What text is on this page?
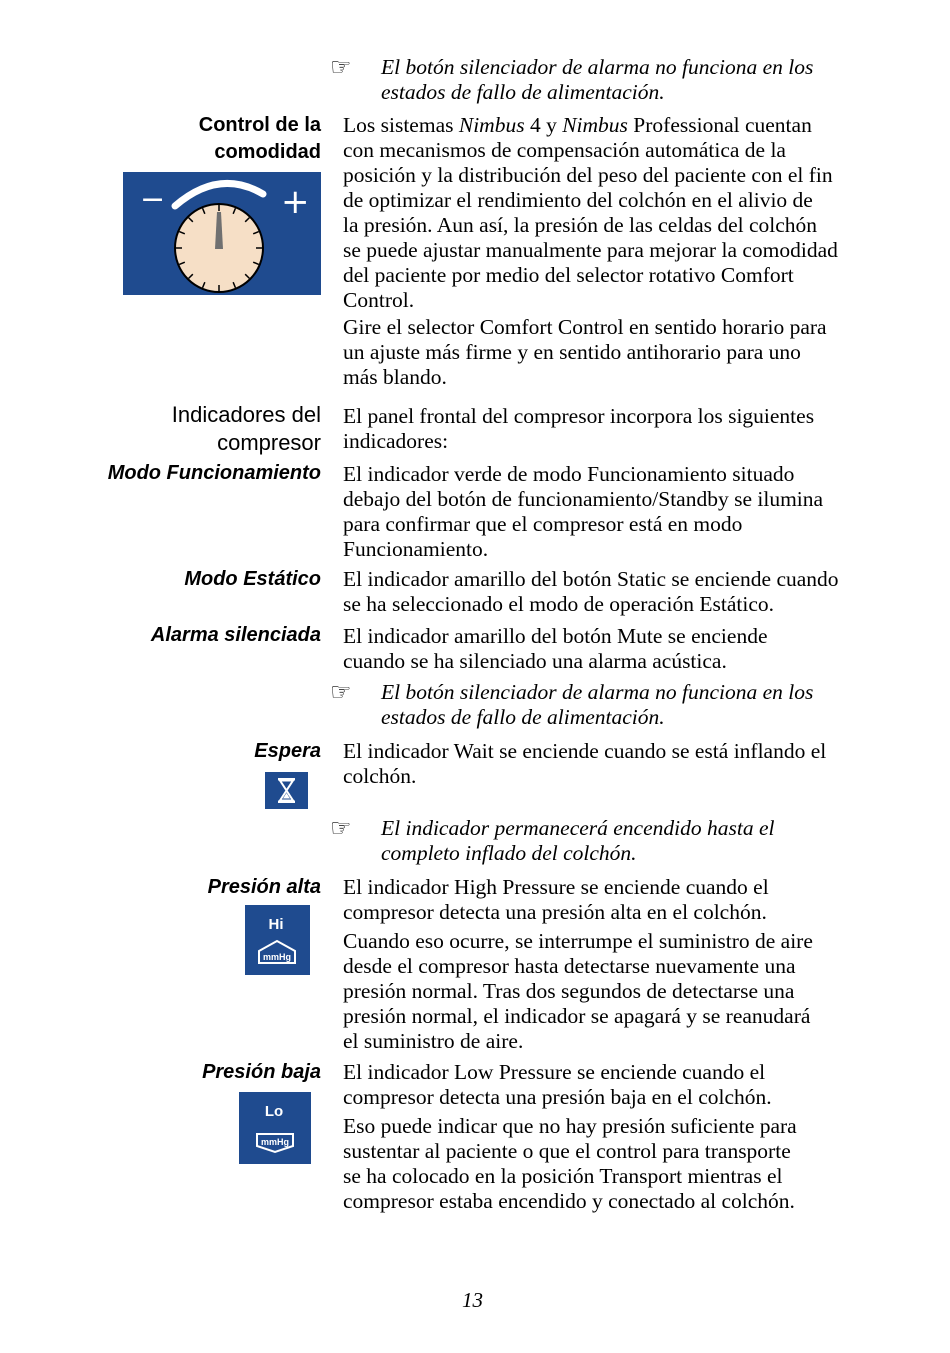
☞ El botón silenciador de alarma no funciona en los
estados de fallo de alimentación.
Control de la
comodidad
−	+
Los sistemas Nimbus 4 y Nimbus Professional cuentan
con mecanismos de compensación automática de la
posición y la distribución del peso del paciente con el fin
de optimizar el rendimiento del colchón en el alivio de
la presión. Aun así, la presión de las celdas del colchón
se puede ajustar manualmente para mejorar la comodidad
del paciente por medio del selector rotativo Comfort
Control.
Gire el selector Comfort Control en sentido horario para
un ajuste más firme y en sentido antihorario para uno
más blando.
Indicadores del
compresor
El panel frontal del compresor incorpora los siguientes
indicadores:
Modo Funcionamiento El indicador verde de modo Funcionamiento situado
debajo del botón de funcionamiento/Standby se ilumina
para confirmar que el compresor está en modo
Funcionamiento.
Modo Estático El indicador amarillo del botón Static se enciende cuando
se ha seleccionado el modo de operación Estático.
Alarma silenciada El indicador amarillo del botón Mute se enciende
cuando se ha silenciado una alarma acústica.
☞ El botón silenciador de alarma no funciona en los
estados de fallo de alimentación.
Espera El indicador Wait se enciende cuando se está inflando el
colchón.
☞ El indicador permanecerá encendido hasta el
completo inflado del colchón.
Presión alta
Hi
mmHg
El indicador High Pressure se enciende cuando el
compresor detecta una presión alta en el colchón.
Cuando eso ocurre, se interrumpe el suministro de aire
desde el compresor hasta detectarse nuevamente una
presión normal. Tras dos segundos de detectarse una
presión normal, el indicador se apagará y se reanudará
el suministro de aire.
Presión baja
Lo
mmHg
El indicador Low Pressure se enciende cuando el
compresor detecta una presión baja en el colchón.
Eso puede indicar que no hay presión suficiente para
sustentar al paciente o que el control para transporte
se ha colocado en la posición Transport mientras el
compresor estaba encendido y conectado al colchón.
13
